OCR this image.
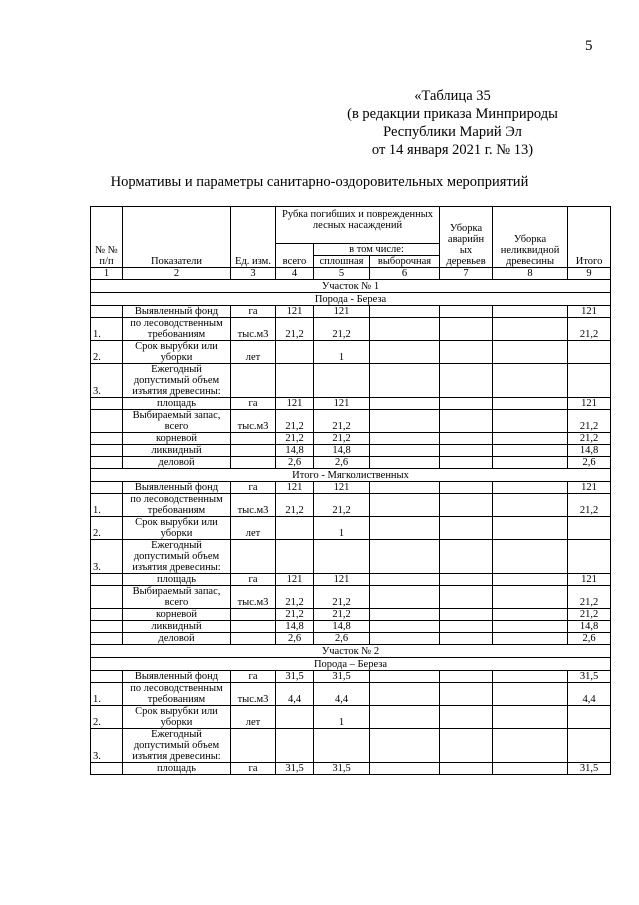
5
«Таблица 35
(в редакции приказа Минприроды
Республики Марий Эл
от 14 января 2021 г. № 13)
Нормативы и параметры санитарно-оздоровительных мероприятий
№ № п/п	Показатели	Ед. изм.	Рубка погибших и поврежденных лесных насаждений			Уборка аварийн ых деревьев	Уборка неликвидной древесины	Итого
			всего	в том числе:				
				сплошная	выборочная			
1	2	3	4	5	6	7	8	9
Участок № 1								
Порода - Береза								
	Выявленный фонд	га	121	121				121
1.	по лесоводственным требованиям	тыс.м3	21,2	21,2				21,2
2.	Срок вырубки или уборки	лет		1				
3.	Ежегодный допустимый объем изъятия древесины:							
	площадь	га	121	121				121
	Выбираемый запас, всего	тыс.м3	21,2	21,2				21,2
	корневой		21,2	21,2				21,2
	ликвидный		14,8	14,8				14,8
	деловой		2,6	2,6				2,6
Итого - Мягколиственных								
	Выявленный фонд	га	121	121				121
1.	по лесоводственным требованиям	тыс.м3	21,2	21,2				21,2
2.	Срок вырубки или уборки	лет		1				
3.	Ежегодный допустимый объем изъятия древесины:							
	площадь	га	121	121				121
	Выбираемый запас, всего	тыс.м3	21,2	21,2				21,2
	корневой		21,2	21,2				21,2
	ликвидный		14,8	14,8				14,8
	деловой		2,6	2,6				2,6
Участок № 2								
Порода – Береза								
	Выявленный фонд	га	31,5	31,5				31,5
1.	по лесоводственным требованиям	тыс.м3	4,4	4,4				4,4
2.	Срок вырубки или уборки	лет		1				
3.	Ежегодный допустимый объем изъятия древесины:							
	площадь	га	31,5	31,5				31,5
